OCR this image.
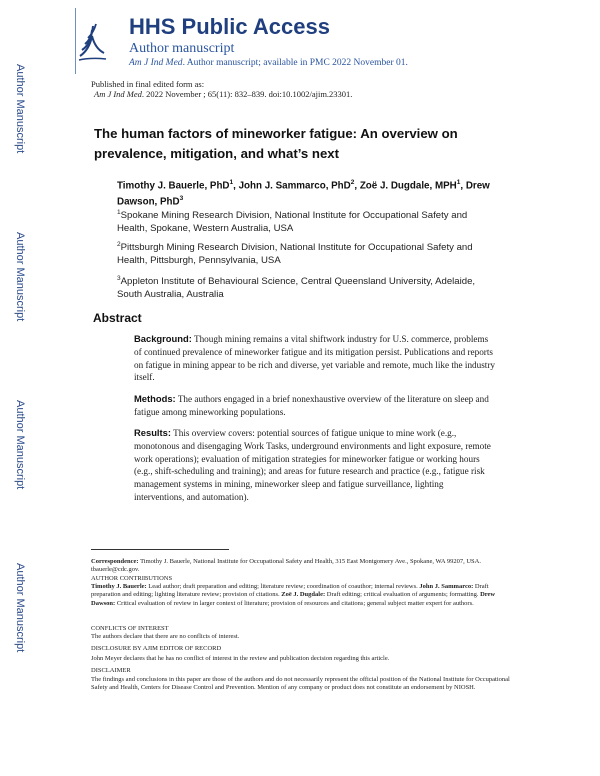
Author Manuscript
Author Manuscript
Author Manuscript
Author Manuscript
HHS Public Access
Author manuscript
Am J Ind Med. Author manuscript; available in PMC 2022 November 01.
Published in final edited form as:
Am J Ind Med. 2022 November ; 65(11): 832–839. doi:10.1002/ajim.23301.
The human factors of mineworker fatigue: An overview on prevalence, mitigation, and what’s next
Timothy J. Bauerle, PhD$^1$, John J. Sammarco, PhD$^2$, Zoë J. Dugdale, MPH$^1$, Drew Dawson, PhD$^3$
$^1$Spokane Mining Research Division, National Institute for Occupational Safety and Health, Spokane, Western Australia, USA
$^2$Pittsburgh Mining Research Division, National Institute for Occupational Safety and Health, Pittsburgh, Pennsylvania, USA
$^3$Appleton Institute of Behavioural Science, Central Queensland University, Adelaide, South Australia, Australia
Abstract
Background: Though mining remains a vital shiftwork industry for U.S. commerce, problems of continued prevalence of mineworker fatigue and its mitigation persist. Publications and reports on fatigue in mining appear to be rich and diverse, yet variable and remote, much like the industry itself.
Methods: The authors engaged in a brief nonexhaustive overview of the literature on sleep and fatigue among mineworking populations.
Results: This overview covers: potential sources of fatigue unique to mine work (e.g., monotonous and disengaging Work Tasks, underground environments and light exposure, remote work operations); evaluation of mitigation strategies for mineworker fatigue or working hours (e.g., shift-scheduling and training); and areas for future research and practice (e.g., fatigue risk management systems in mining, mineworker sleep and fatigue surveillance, lighting interventions, and automation).
Correspondence: Timothy J. Bauerle, National Institute for Occupational Safety and Health, 315 East Montgomery Ave., Spokane, WA 99207, USA. tbauerle@cdc.gov.
AUTHOR CONTRIBUTIONS
Timothy J. Bauerle: Lead author; draft preparation and editing; literature review; coordination of coauthor; internal reviews. John J. Sammarco: Draft preparation and editing; lighting literature review; provision of citations. Zoë J. Dugdale: Draft editing; critical evaluation of arguments; formatting. Drew Dawson: Critical evaluation of review in larger context of literature; provision of resources and citations; general subject matter expert for authors.
CONFLICTS OF INTEREST
The authors declare that there are no conflicts of interest.
DISCLOSURE BY AJIM EDITOR OF RECORD
John Meyer declares that he has no conflict of interest in the review and publication decision regarding this article.
DISCLAIMER
The findings and conclusions in this paper are those of the authors and do not necessarily represent the official position of the National Institute for Occupational Safety and Health, Centers for Disease Control and Prevention. Mention of any company or product does not constitute an endorsement by NIOSH.
